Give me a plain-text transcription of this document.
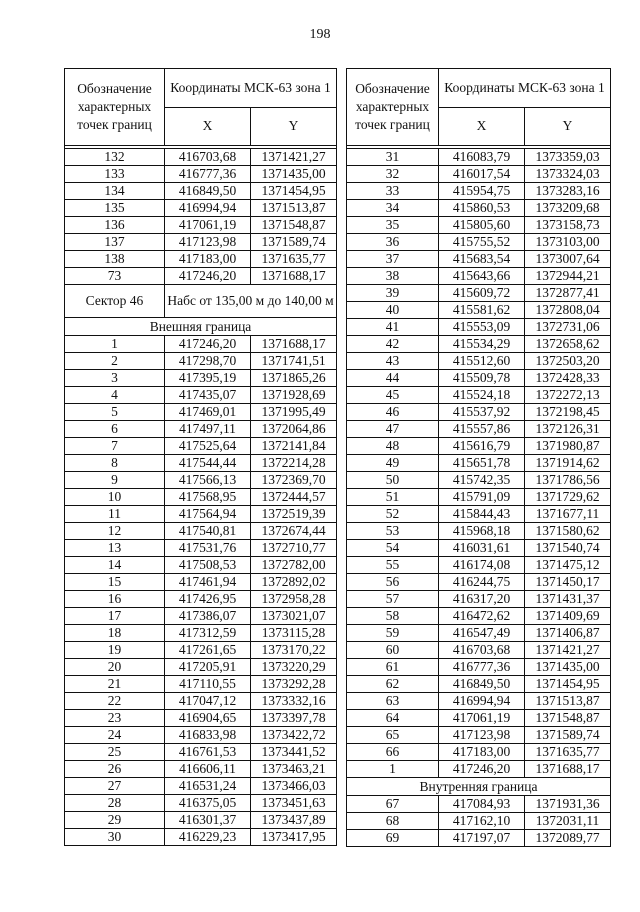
198
Обозначение характерных точек границ	Координаты МСК-63 зона 1	
	X	Y

132	416703,68	1371421,27
133	416777,36	1371435,00
134	416849,50	1371454,95
135	416994,94	1371513,87
136	417061,19	1371548,87
137	417123,98	1371589,74
138	417183,00	1371635,77
73	417246,20	1371688,17
Сектор 46	Набс от 135,00 м до 140,00 м	
Внешняя граница		
1	417246,20	1371688,17
2	417298,70	1371741,51
3	417395,19	1371865,26
4	417435,07	1371928,69
5	417469,01	1371995,49
6	417497,11	1372064,86
7	417525,64	1372141,84
8	417544,44	1372214,28
9	417566,13	1372369,70
10	417568,95	1372444,57
11	417564,94	1372519,39
12	417540,81	1372674,44
13	417531,76	1372710,77
14	417508,53	1372782,00
15	417461,94	1372892,02
16	417426,95	1372958,28
17	417386,07	1373021,07
18	417312,59	1373115,28
19	417261,65	1373170,22
20	417205,91	1373220,29
21	417110,55	1373292,28
22	417047,12	1373332,16
23	416904,65	1373397,78
24	416833,98	1373422,72
25	416761,53	1373441,52
26	416606,11	1373463,21
27	416531,24	1373466,03
28	416375,05	1373451,63
29	416301,37	1373437,89
30	416229,23	1373417,95
Обозначение характерных точек границ	Координаты МСК-63 зона 1	
	X	Y

31	416083,79	1373359,03
32	416017,54	1373324,03
33	415954,75	1373283,16
34	415860,53	1373209,68
35	415805,60	1373158,73
36	415755,52	1373103,00
37	415683,54	1373007,64
38	415643,66	1372944,21
39	415609,72	1372877,41
40	415581,62	1372808,04
41	415553,09	1372731,06
42	415534,29	1372658,62
43	415512,60	1372503,20
44	415509,78	1372428,33
45	415524,18	1372272,13
46	415537,92	1372198,45
47	415557,86	1372126,31
48	415616,79	1371980,87
49	415651,78	1371914,62
50	415742,35	1371786,56
51	415791,09	1371729,62
52	415844,43	1371677,11
53	415968,18	1371580,62
54	416031,61	1371540,74
55	416174,08	1371475,12
56	416244,75	1371450,17
57	416317,20	1371431,37
58	416472,62	1371409,69
59	416547,49	1371406,87
60	416703,68	1371421,27
61	416777,36	1371435,00
62	416849,50	1371454,95
63	416994,94	1371513,87
64	417061,19	1371548,87
65	417123,98	1371589,74
66	417183,00	1371635,77
1	417246,20	1371688,17
Внутренняя граница		
67	417084,93	1371931,36
68	417162,10	1372031,11
69	417197,07	1372089,77
